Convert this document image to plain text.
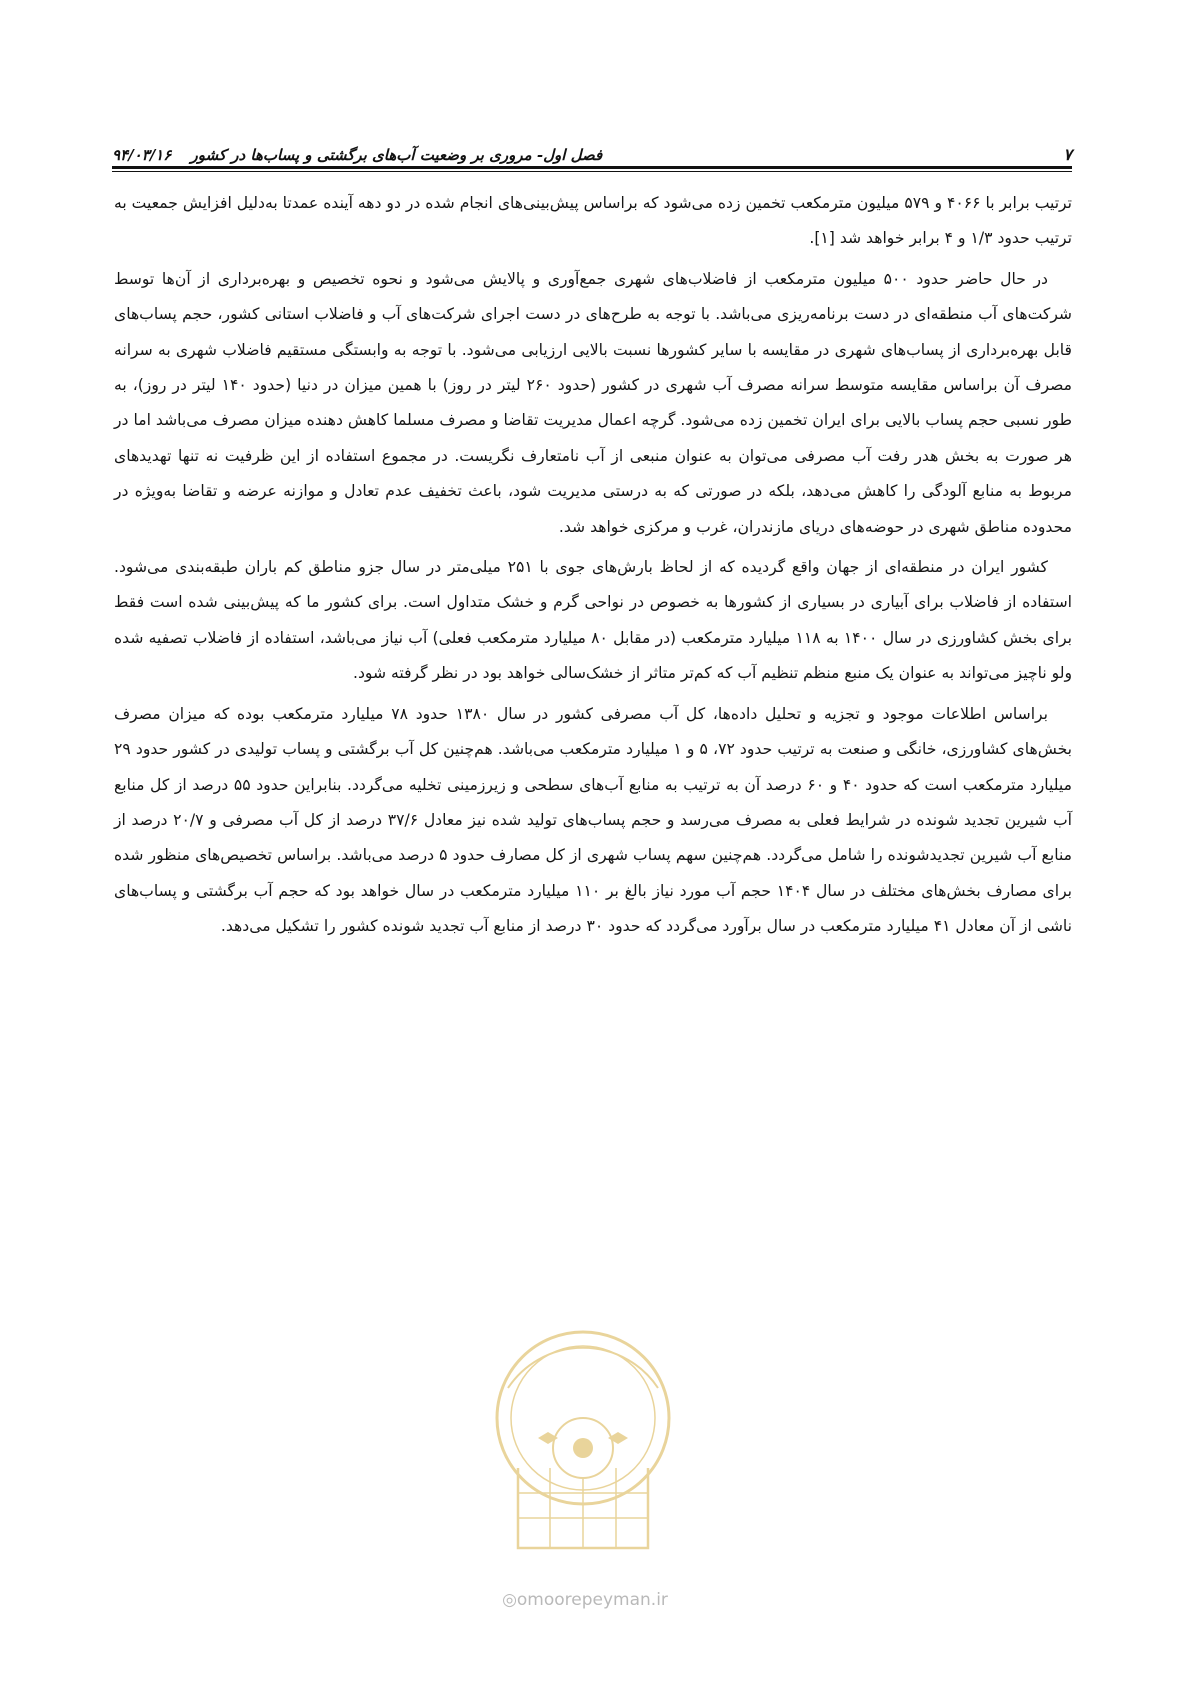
فصل اول- مروری بر وضعیت آب‌های برگشتی و پساب‌ها در کشور ۹۴/۰۳/۱۶	۷

ترتیب برابر با ۴۰۶۶ و ۵۷۹ میلیون مترمکعب تخمین زده می‌شود که براساس پیش‌بینی‌های انجام شده در دو دهه آینده عمدتا به‌دلیل افزایش جمعیت به ترتیب حدود ۱/۳ و ۴ برابر خواهد شد [۱].

در حال حاضر حدود ۵۰۰ میلیون مترمکعب از فاضلاب‌های شهری جمع‌آوری و پالایش می‌شود و نحوه تخصیص و بهره‌برداری از آن‌ها توسط شرکت‌های آب منطقه‌ای در دست برنامه‌ریزی می‌باشد. با توجه به طرح‌های در دست اجرای شرکت‌های آب و فاضلاب استانی کشور، حجم پساب‌های قابل بهره‌برداری از پساب‌های شهری در مقایسه با سایر کشورها نسبت بالایی ارزیابی می‌شود. با توجه به وابستگی مستقیم فاضلاب شهری به سرانه مصرف آن براساس مقایسه متوسط سرانه مصرف آب شهری در کشور (حدود ۲۶۰ لیتر در روز) با همین میزان در دنیا (حدود ۱۴۰ لیتر در روز)، به طور نسبی حجم پساب بالایی برای ایران تخمین زده می‌شود. گرچه اعمال مدیریت تقاضا و مصرف مسلما کاهش دهنده میزان مصرف می‌باشد اما در هر صورت به بخش هدر رفت آب مصرفی می‌توان به عنوان منبعی از آب نامتعارف نگریست. در مجموع استفاده از این ظرفیت نه تنها تهدیدهای مربوط به منابع آلودگی را کاهش می‌دهد، بلکه در صورتی که به درستی مدیریت شود، باعث تخفیف عدم تعادل و موازنه عرضه و تقاضا به‌ویژه در محدوده مناطق شهری در حوضه‌های دریای مازندران، غرب و مرکزی خواهد شد.

کشور ایران در منطقه‌ای از جهان واقع گردیده که از لحاظ بارش‌های جوی با ۲۵۱ میلی‌متر در سال جزو مناطق کم باران طبقه‌بندی می‌شود. استفاده از فاضلاب برای آبیاری در بسیاری از کشورها به خصوص در نواحی گرم و خشک متداول است. برای کشور ما که پیش‌بینی شده است فقط برای بخش کشاورزی در سال ۱۴۰۰ به ۱۱۸ میلیارد مترمکعب (در مقابل ۸۰ میلیارد مترمکعب فعلی) آب نیاز می‌باشد، استفاده از فاضلاب تصفیه شده ولو ناچیز می‌تواند به عنوان یک منبع منظم تنظیم آب که کم‌تر متاثر از خشک‌سالی خواهد بود در نظر گرفته شود.

براساس اطلاعات موجود و تجزیه و تحلیل داده‌ها، کل آب مصرفی کشور در سال ۱۳۸۰ حدود ۷۸ میلیارد مترمکعب بوده که میزان مصرف بخش‌های کشاورزی، خانگی و صنعت به ترتیب حدود ۷۲، ۵ و ۱ میلیارد مترمکعب می‌باشد. هم‌چنین کل آب برگشتی و پساب تولیدی در کشور حدود ۲۹ میلیارد مترمکعب است که حدود ۴۰ و ۶۰ درصد آن به ترتیب به منابع آب‌های سطحی و زیرزمینی تخلیه می‌گردد. بنابراین حدود ۵۵ درصد از کل منابع آب شیرین تجدید شونده در شرایط فعلی به مصرف می‌رسد و حجم پساب‌های تولید شده نیز معادل ۳۷/۶ درصد از کل آب مصرفی و ۲۰/۷ درصد از منابع آب شیرین تجدیدشونده را شامل می‌گردد. هم‌چنین سهم پساب شهری از کل مصارف حدود ۵ درصد می‌باشد. براساس تخصیص‌های منظور شده برای مصارف بخش‌های مختلف در سال ۱۴۰۴ حجم آب مورد نیاز بالغ بر ۱۱۰ میلیارد مترمکعب در سال خواهد بود که حجم آب برگشتی و پساب‌های ناشی از آن معادل ۴۱ میلیارد مترمکعب در سال برآورد می‌گردد که حدود ۳۰ درصد از منابع آب تجدید شونده کشور را تشکیل می‌دهد.

◎omoorepeyman.ir
